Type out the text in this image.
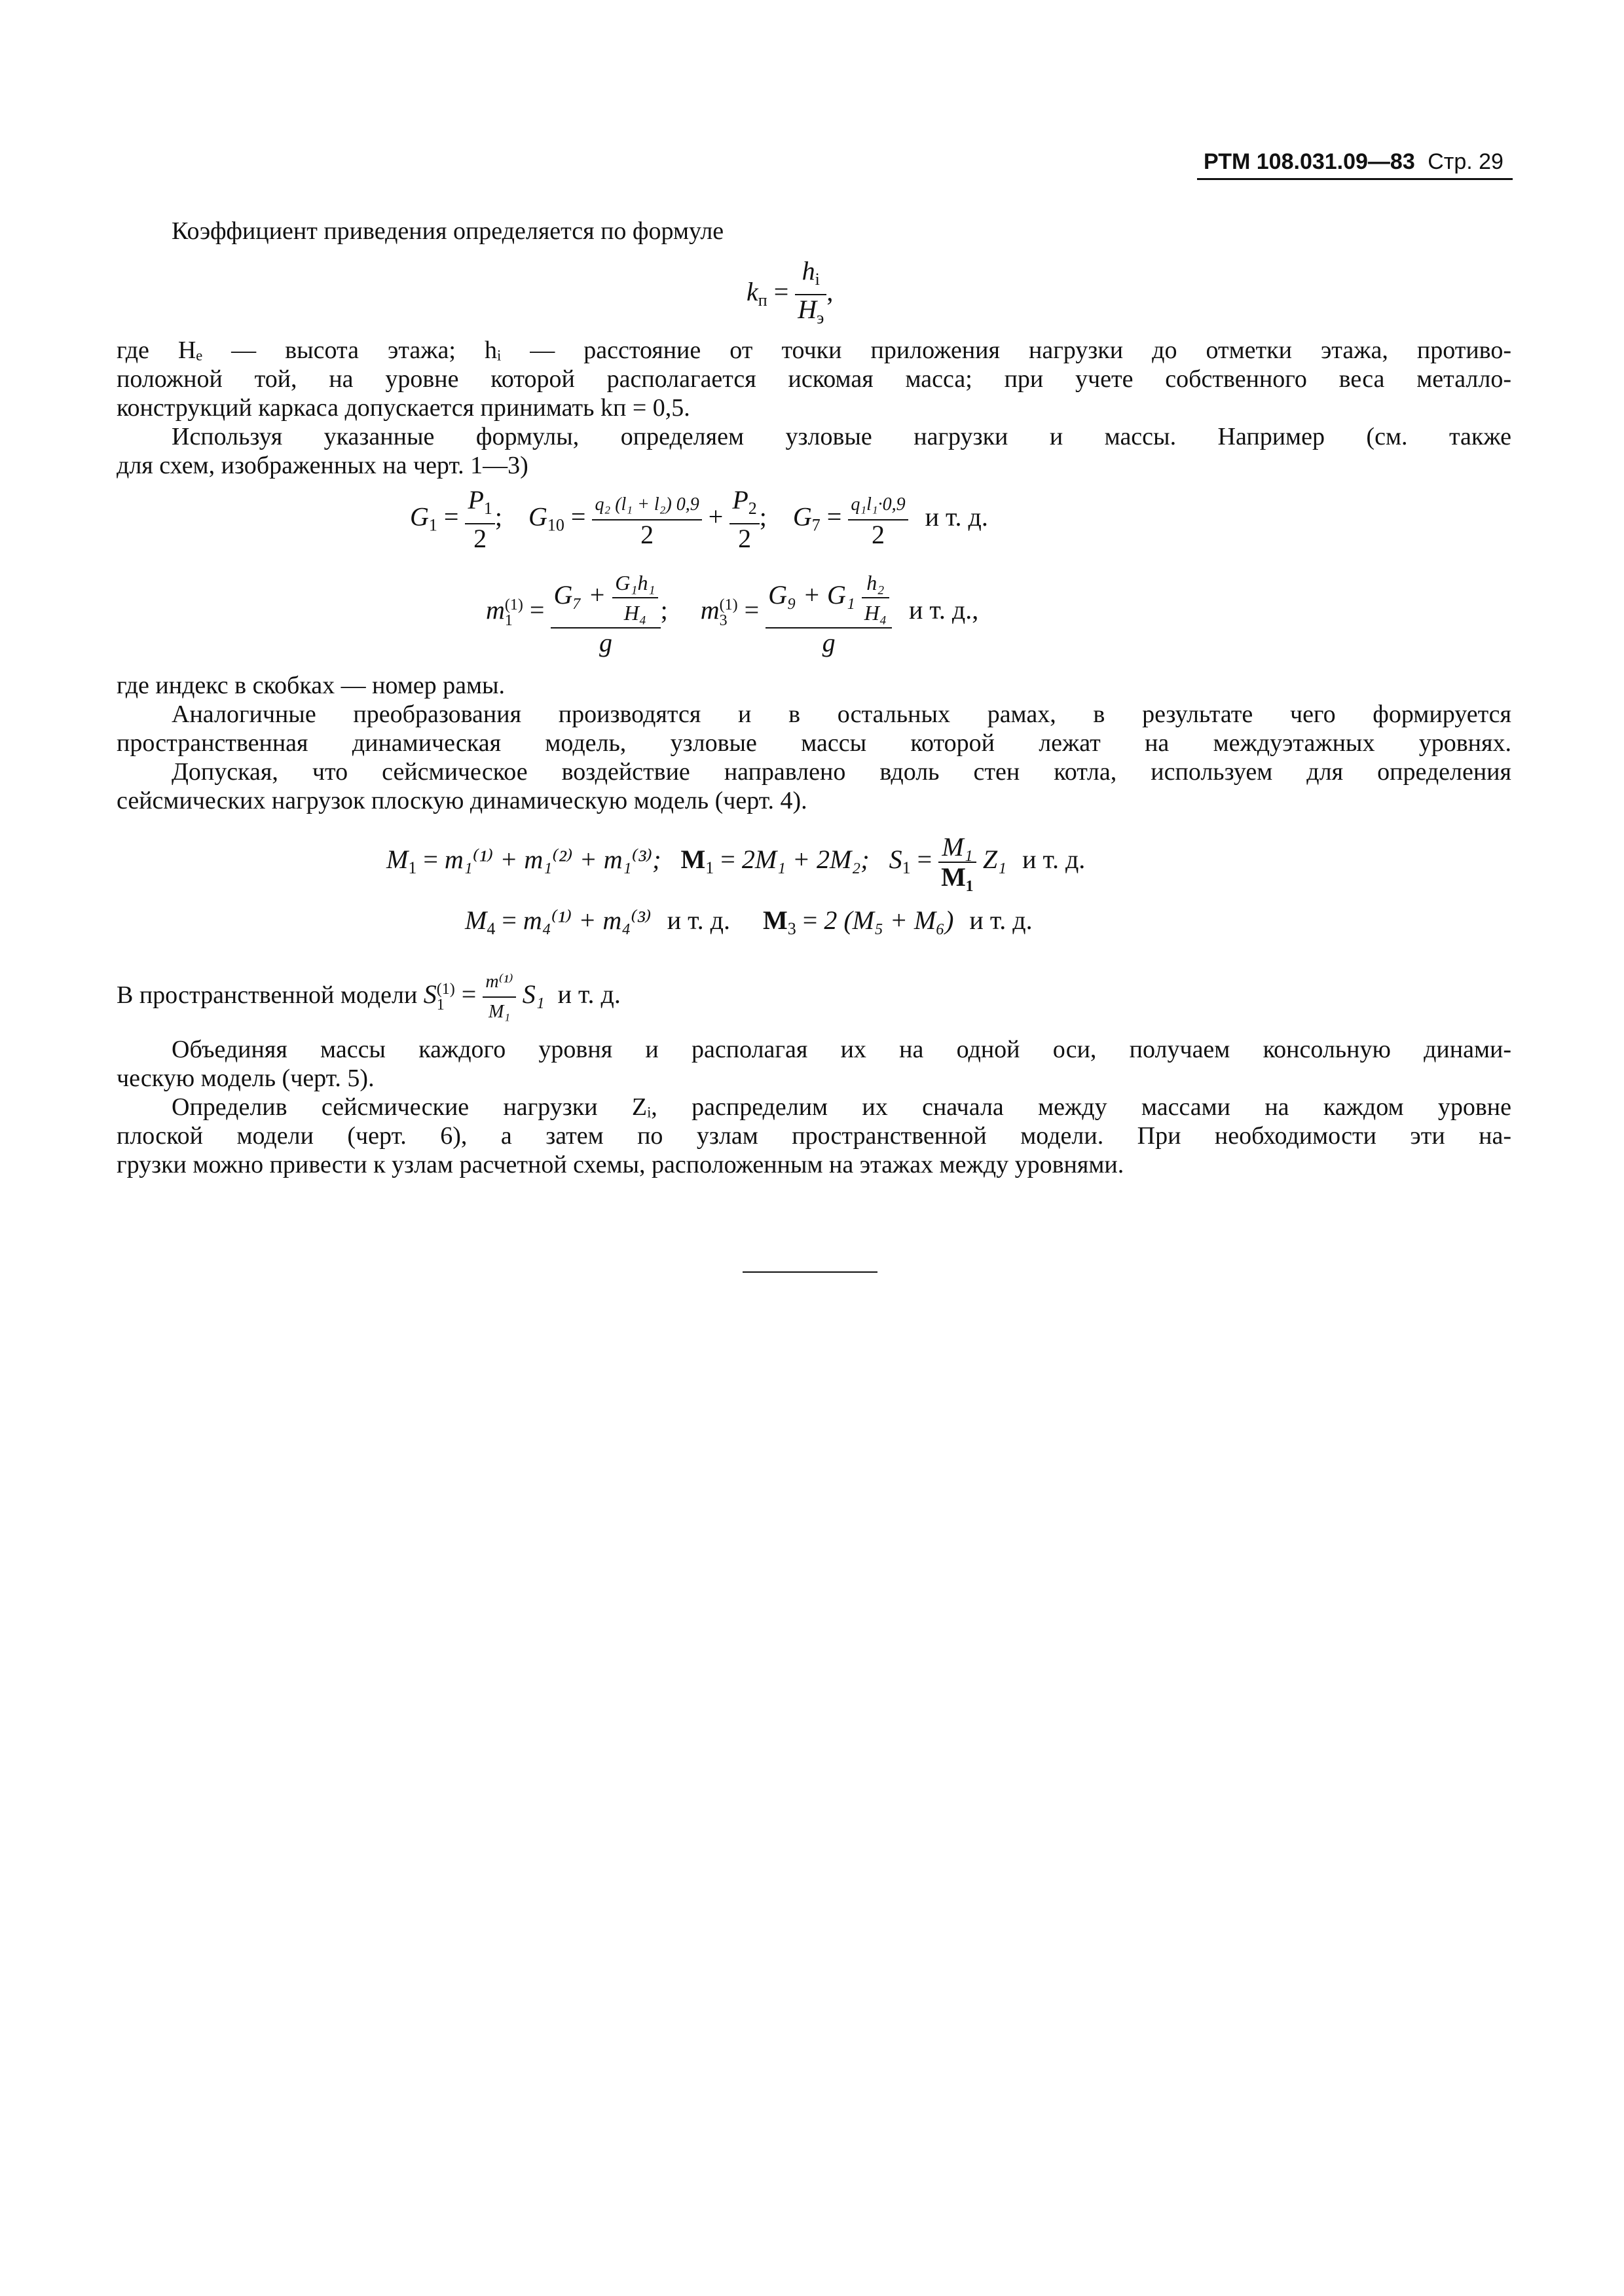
РТМ 108.031.09—83 Стр. 29
Коэффициент приведения определяется по формуле
$k_п = \frac{h_i}{H_э}$ ,
где Hₑ — высота этажа; hᵢ — расстояние от точки приложения нагрузки до отметки этажа, противо-
положной той, на уровне которой располагается искомая масса; при учете собственного веса металло-
конструкций каркаса допускается принимать kп = 0,5.
Используя указанные формулы, определяем узловые нагрузки и массы. Например (см. также
для схем, изображенных на черт. 1—3)
$G_1 = \frac{P_1}{2}$ ;    $G_{10} = \frac{\text{q₂ (l₁ + l₂) 0,9}}{2} + \frac{P_2}{2}$ ;    $G_7 = \frac{\text{q₁l₁·0,9}}{2}$ и т. д.
m (1)
$1 = \frac{G_7 + \frac{\text{G₁h₁}}{\text{H₄}}}{g}$ ;     m (1)
$3 = \frac{G_9 + G_1 \frac{\text{h₂}}{\text{H₄}}}{g}$ и т. д.,
где индекс в скобках — номер рамы.
Аналогичные преобразования производятся и в остальных рамах, в результате чего формируется
пространственная динамическая модель, узловые массы которой лежат на междуэтажных уровнях.
Допуская, что сейсмическое воздействие направлено вдоль стен котла, используем для определения
сейсмических нагрузок плоскую динамическую модель (черт. 4).
$M_1 = m_1^{(1)} + m_1^{(2)} + m_1^{(3)}$; $M_1 = 2M_1 + 2M_2$; $S_1 = \frac{\text{M₁}}{\text{M₁}} Z_1$ и т. д.
$M_4 = m_4^{(1)} + m_4^{(3)}$ и т. д. $M_3 = 2$ (M₅ + M₆) и т. д.
В пространственной модели S (1)
$1 = \frac{\text{m⁽¹⁾}}{\text{M₁}} S_1$ и т. д.
Объединяя массы каждого уровня и располагая их на одной оси, получаем консольную динами-
ческую модель (черт. 5).
Определив сейсмические нагрузки Zᵢ, распределим их сначала между массами на каждом уровне
плоской модели (черт. 6), а затем по узлам пространственной модели. При необходимости эти на-
грузки можно привести к узлам расчетной схемы, расположенным на этажах между уровнями.
